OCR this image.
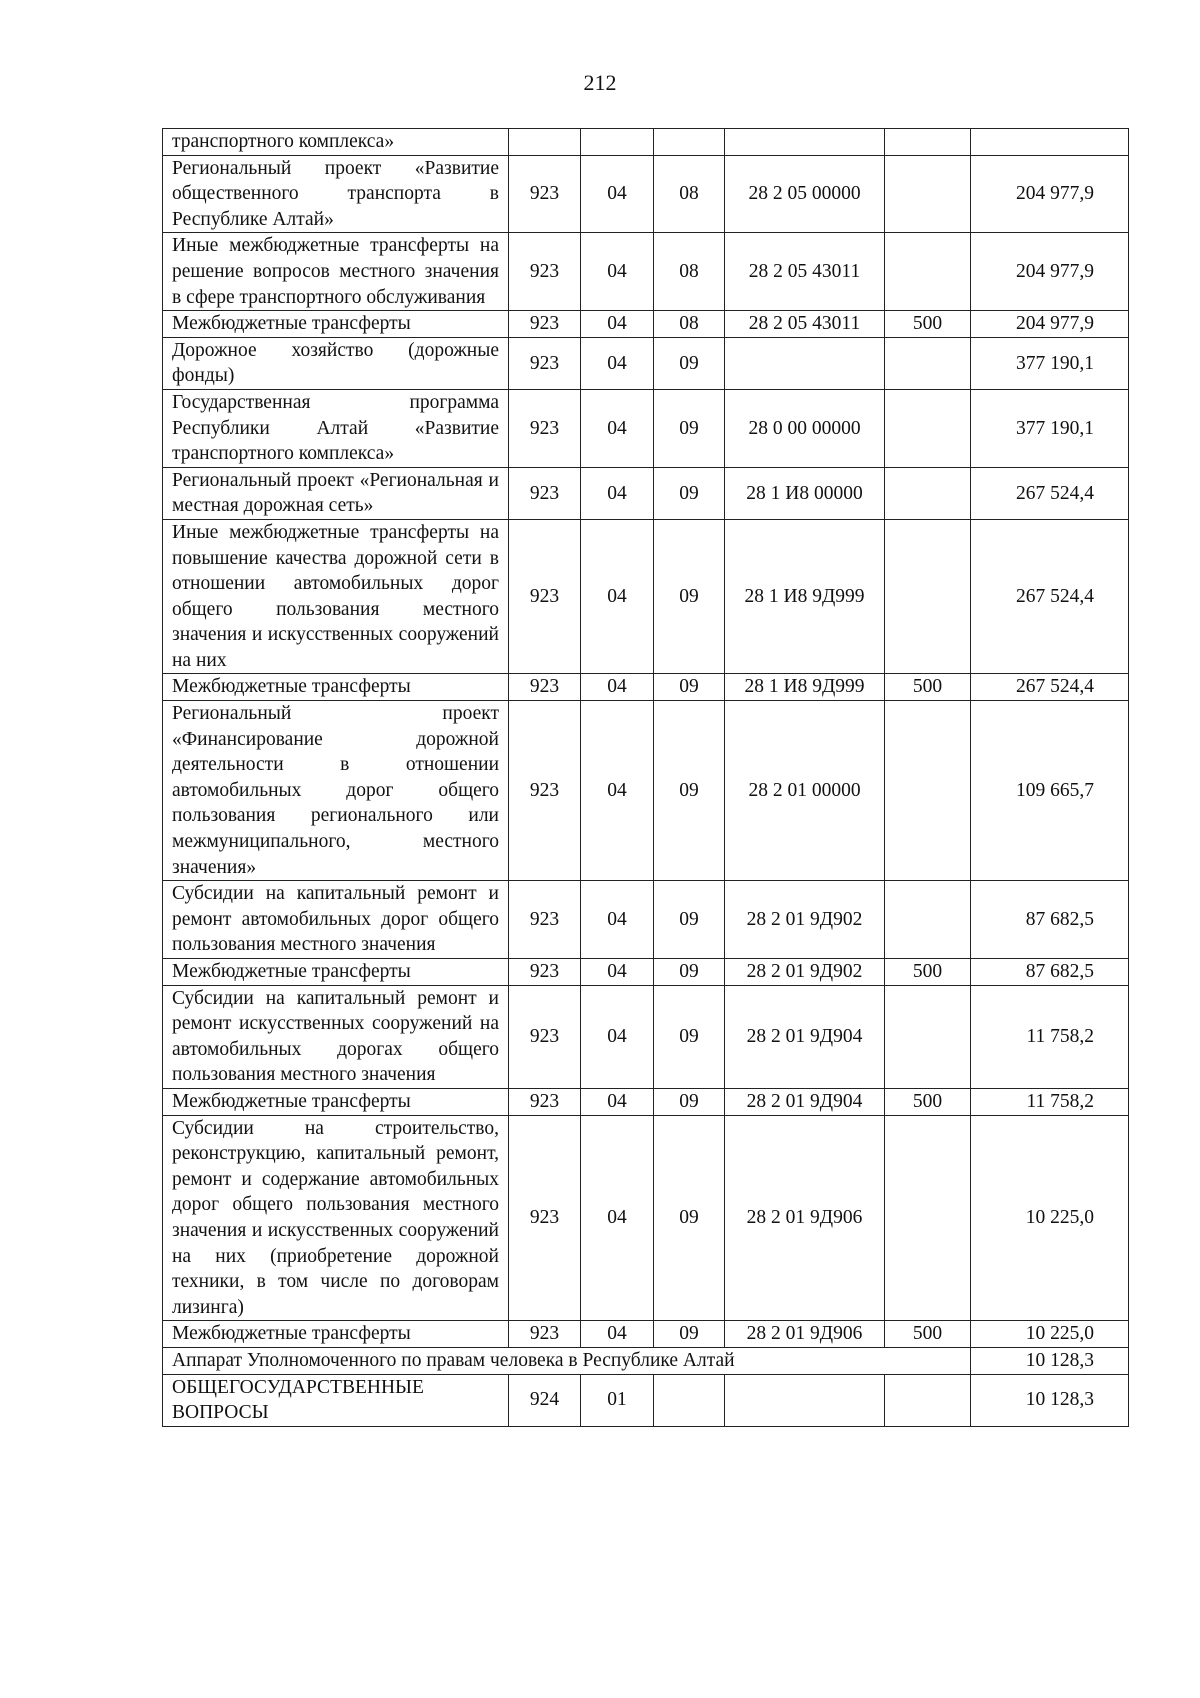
212
транспортного комплекса»						
Региональный проект «Развитие общественного транспорта в Республике Алтай»	923	04	08	28 2 05 00000		204 977,9
Иные межбюджетные трансферты на решение вопросов местного значения в сфере транспортного обслуживания	923	04	08	28 2 05 43011		204 977,9
Межбюджетные трансферты	923	04	08	28 2 05 43011	500	204 977,9
Дорожное хозяйство (дорожные фонды)	923	04	09			377 190,1
Государственная программа Республики Алтай «Развитие транспортного комплекса»	923	04	09	28 0 00 00000		377 190,1
Региональный проект «Региональная и местная дорожная сеть»	923	04	09	28 1 И8 00000		267 524,4
Иные межбюджетные трансферты на повышение качества дорожной сети в отношении автомобильных дорог общего пользования местного значения и искусственных сооружений на них	923	04	09	28 1 И8 9Д999		267 524,4
Межбюджетные трансферты	923	04	09	28 1 И8 9Д999	500	267 524,4
Региональный проект «Финансирование дорожной деятельности в отношении автомобильных дорог общего пользования регионального или межмуниципального, местного значения»	923	04	09	28 2 01 00000		109 665,7
Субсидии на капитальный ремонт и ремонт автомобильных дорог общего пользования местного значения	923	04	09	28 2 01 9Д902		87 682,5
Межбюджетные трансферты	923	04	09	28 2 01 9Д902	500	87 682,5
Субсидии на капитальный ремонт и ремонт искусственных сооружений на автомобильных дорогах общего пользования местного значения	923	04	09	28 2 01 9Д904		11 758,2
Межбюджетные трансферты	923	04	09	28 2 01 9Д904	500	11 758,2
Субсидии на строительство, реконструкцию, капитальный ремонт, ремонт и содержание автомобильных дорог общего пользования местного значения и искусственных сооружений на них (приобретение дорожной техники, в том числе по договорам лизинга)	923	04	09	28 2 01 9Д906		10 225,0
Межбюджетные трансферты	923	04	09	28 2 01 9Д906	500	10 225,0
Аппарат Уполномоченного по правам человека в Республике Алтай						10 128,3
ОБЩЕГОСУДАРСТВЕННЫЕ ВОПРОСЫ	924	01				10 128,3
